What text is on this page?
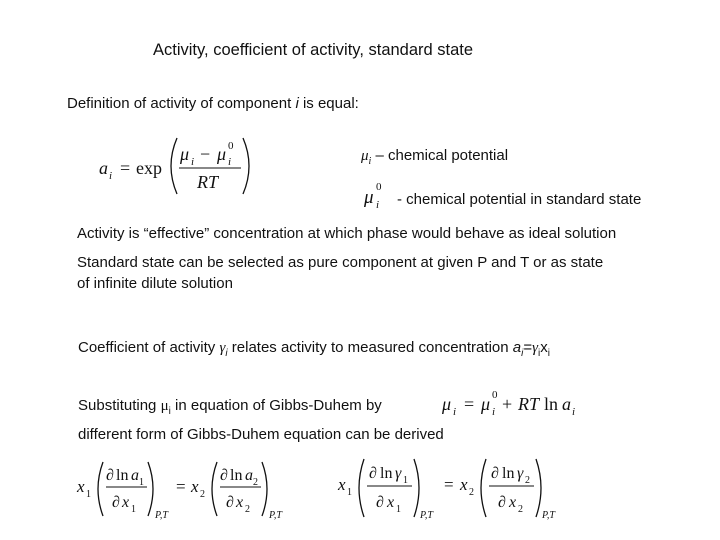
Activity, coefficient of activity, standard state
Definition of activity of component i is equal:
a i = exp
μ i − μ 0
i
RT
$\mu_i$ – chemical potential
μ 0
i - chemical potential in standard state
Activity is “effective” concentration at which phase would behave as ideal solution
Standard state can be selected as pure component at given P and T or as state
of infinite dilute solution
Coefficient of activity $\gamma_i$ relates activity to measured concentration $a_i=\gamma_ix_i$
Substituting $\mu_i$ in equation of Gibbs-Duhem by	μ i = μ 0
i + RT ln a i
different form of Gibbs-Duhem equation can be derived
x 1
∂ ln a 1
∂ x 1
P,T
= x 2
∂ ln a 2
∂ x 2
P,T
x 1
∂ ln γ 1
∂ x 1
P,T
= x 2
∂ ln γ 2
∂ x 2
P,T
